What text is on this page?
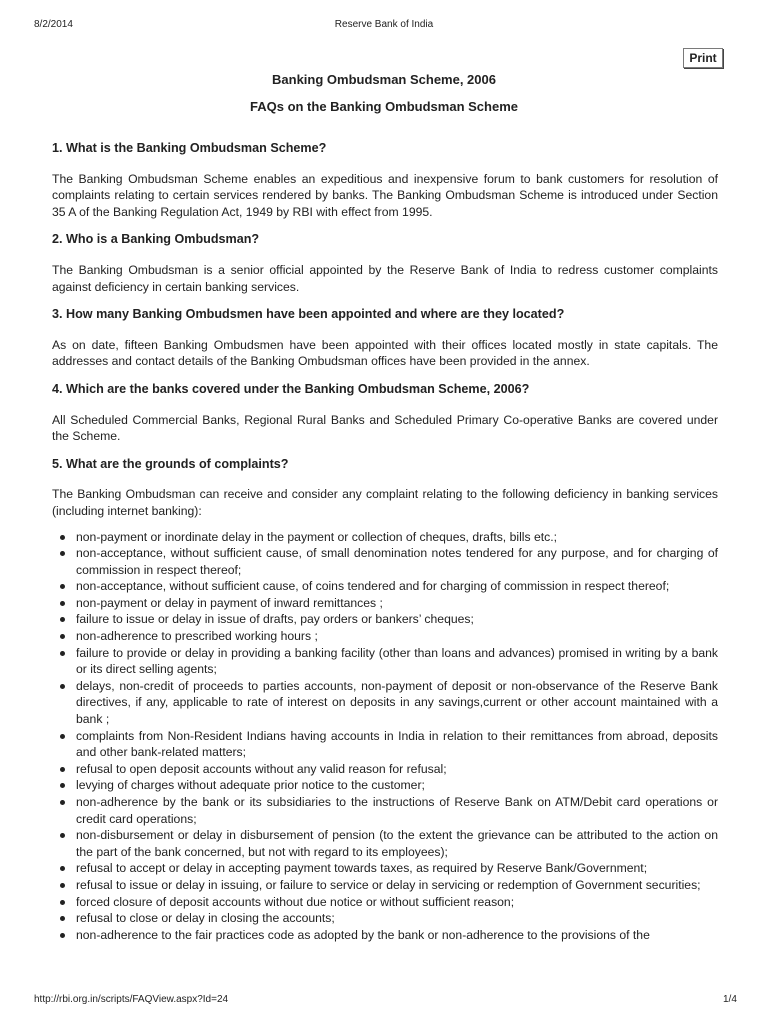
8/2/2014	Reserve Bank of India
Print
Banking Ombudsman Scheme, 2006
FAQs on the Banking Ombudsman Scheme
1. What is the Banking Ombudsman Scheme?
The Banking Ombudsman Scheme enables an expeditious and inexpensive forum to bank customers for resolution of complaints relating to certain services rendered by banks. The Banking Ombudsman Scheme is introduced under Section 35 A of the Banking Regulation Act, 1949 by RBI with effect from 1995.
2. Who is a Banking Ombudsman?
The Banking Ombudsman is a senior official appointed by the Reserve Bank of India to redress customer complaints against deficiency in certain banking services.
3. How many Banking Ombudsmen have been appointed and where are they located?
As on date, fifteen Banking Ombudsmen have been appointed with their offices located mostly in state capitals. The addresses and contact details of the Banking Ombudsman offices have been provided in the annex.
4. Which are the banks covered under the Banking Ombudsman Scheme, 2006?
All Scheduled Commercial Banks, Regional Rural Banks and Scheduled Primary Co-operative Banks are covered under the Scheme.
5. What are the grounds of complaints?
The Banking Ombudsman can receive and consider any complaint relating to the following deficiency in banking services (including internet banking):
non-payment or inordinate delay in the payment or collection of cheques, drafts, bills etc.;
non-acceptance, without sufficient cause, of small denomination notes tendered for any purpose, and for charging of commission in respect thereof;
non-acceptance, without sufficient cause, of coins tendered and for charging of commission in respect thereof;
non-payment or delay in payment of inward remittances ;
failure to issue or delay in issue of drafts, pay orders or bankers’ cheques;
non-adherence to prescribed working hours ;
failure to provide or delay in providing a banking facility (other than loans and advances) promised in writing by a bank or its direct selling agents;
delays, non-credit of proceeds to parties accounts, non-payment of deposit or non-observance of the Reserve Bank directives, if any, applicable to rate of interest on deposits in any savings,current or other account maintained with a bank ;
complaints from Non-Resident Indians having accounts in India in relation to their remittances from abroad, deposits and other bank-related matters;
refusal to open deposit accounts without any valid reason for refusal;
levying of charges without adequate prior notice to the customer;
non-adherence by the bank or its subsidiaries to the instructions of Reserve Bank on ATM/Debit card operations or credit card operations;
non-disbursement or delay in disbursement of pension (to the extent the grievance can be attributed to the action on the part of the bank concerned, but not with regard to its employees);
refusal to accept or delay in accepting payment towards taxes, as required by Reserve Bank/Government;
refusal to issue or delay in issuing, or failure to service or delay in servicing or redemption of Government securities;
forced closure of deposit accounts without due notice or without sufficient reason;
refusal to close or delay in closing the accounts;
non-adherence to the fair practices code as adopted by the bank or non-adherence to the provisions of the
http://rbi.org.in/scripts/FAQView.aspx?Id=24	1/4
